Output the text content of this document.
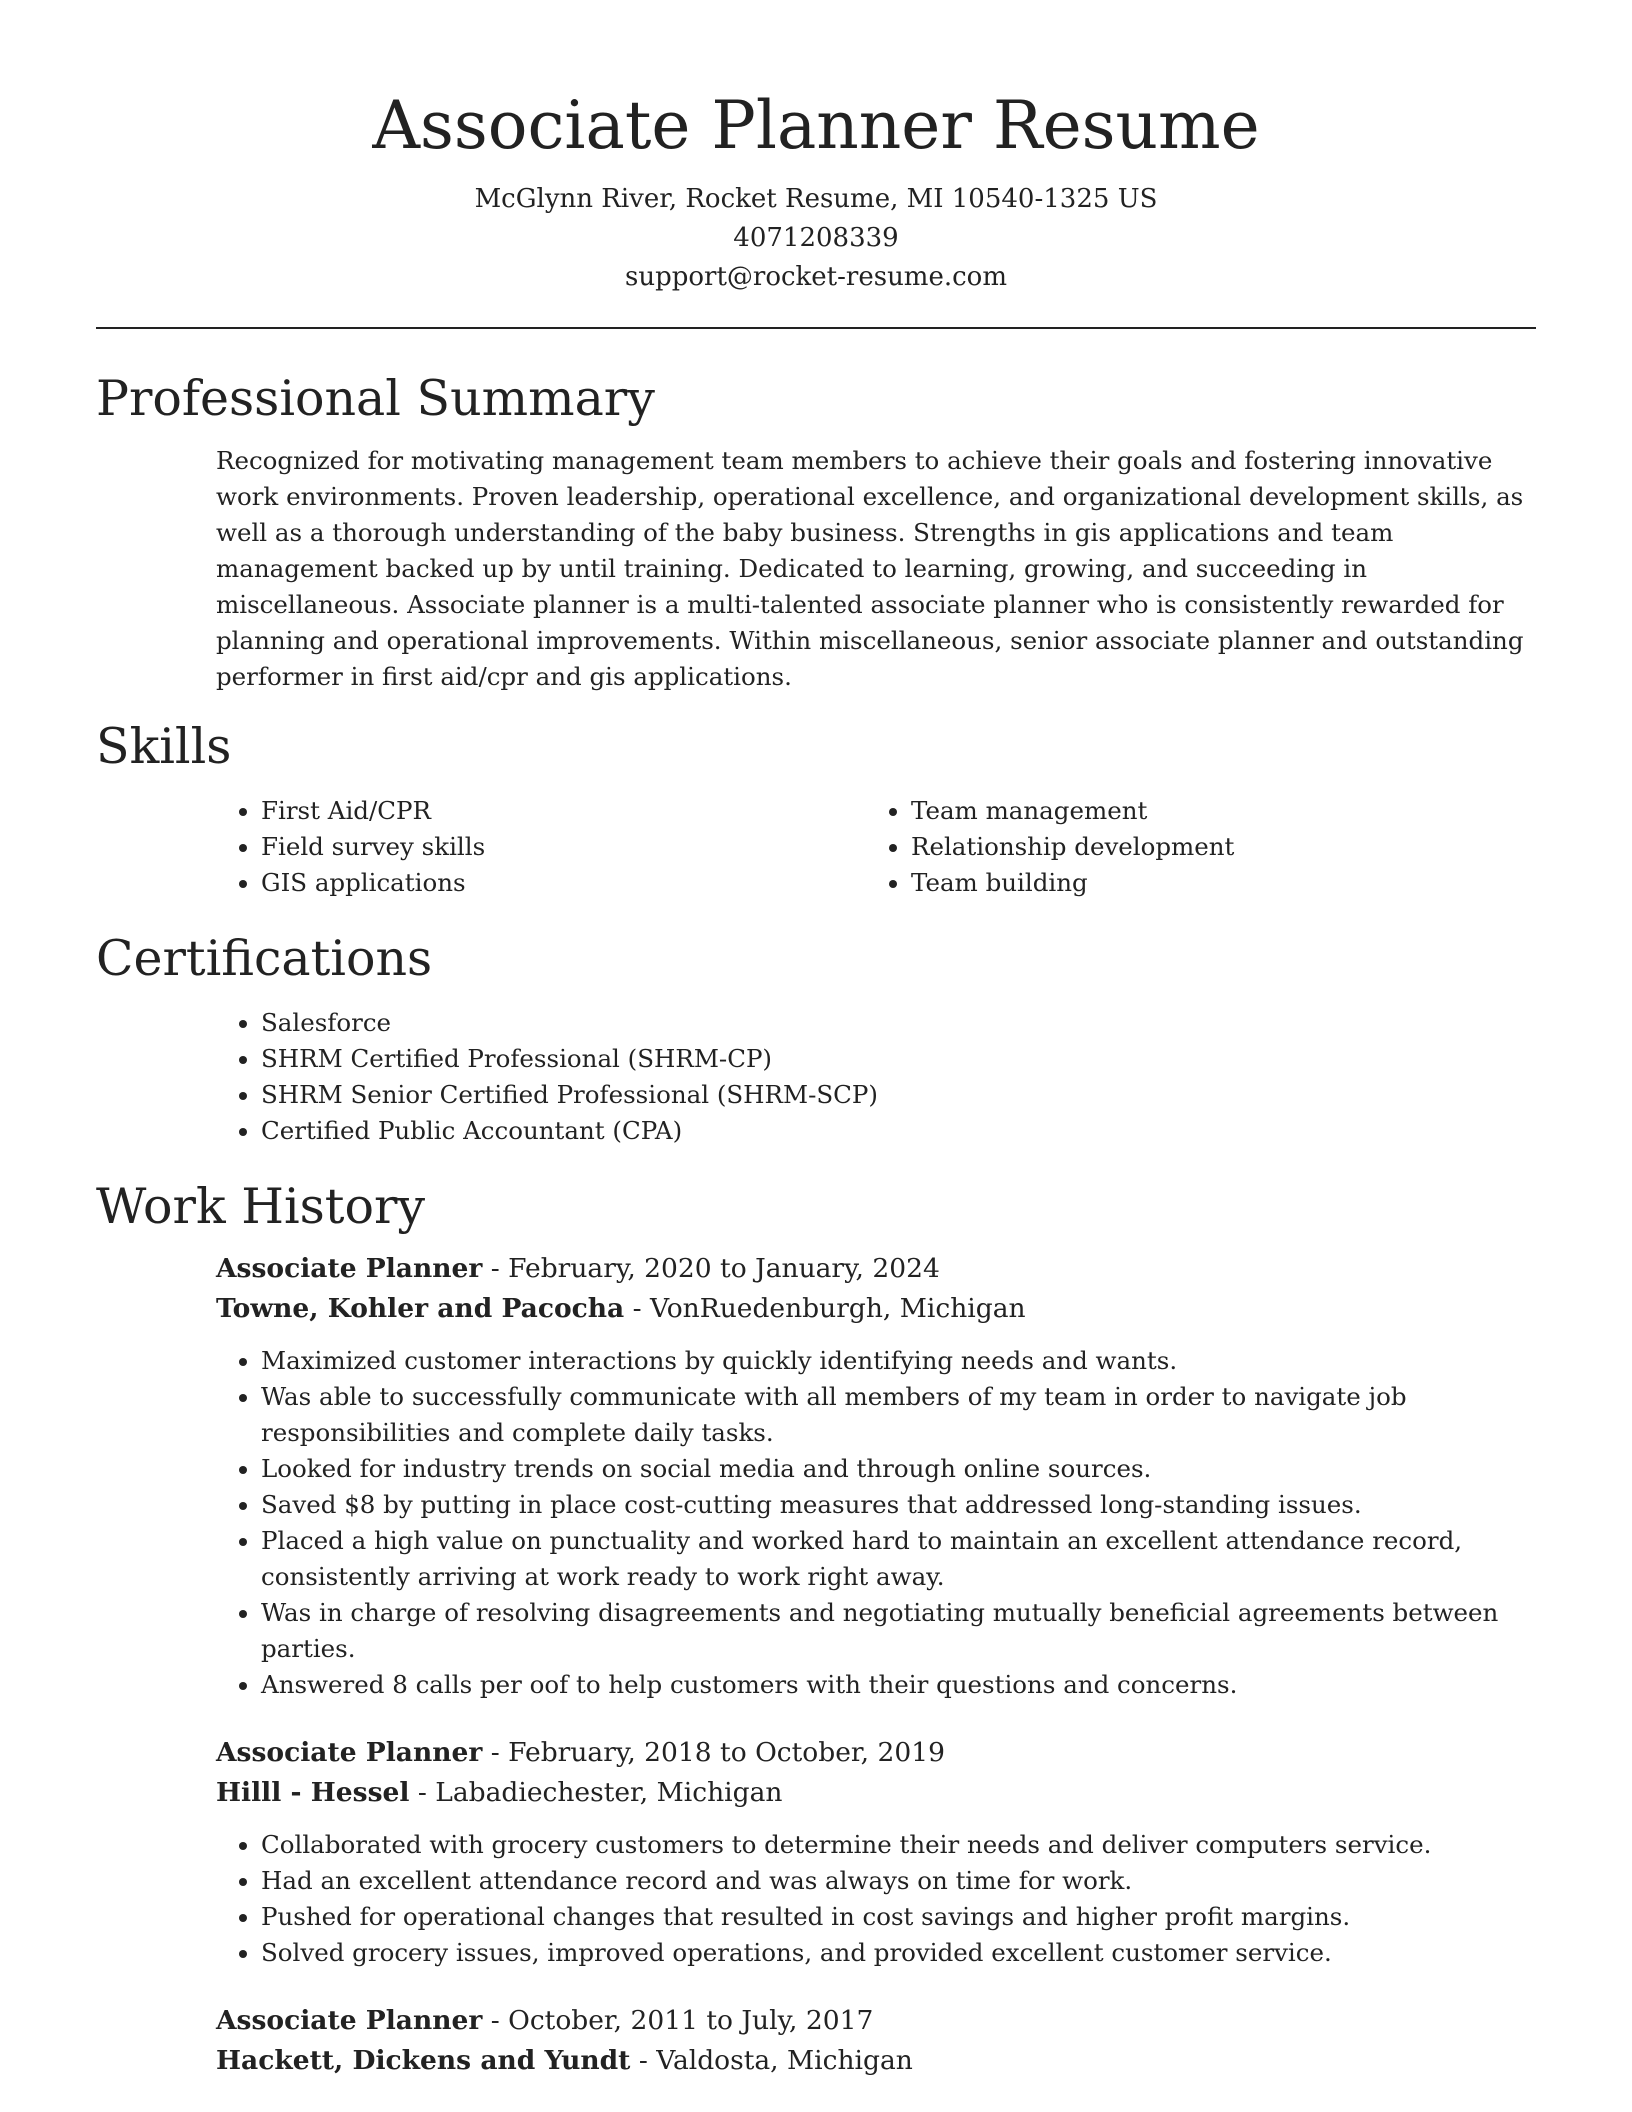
Associate Planner Resume
McGlynn River, Rocket Resume, MI 10540-1325 US
4071208339
support@rocket-resume.com
Professional Summary

Recognized for motivating management team members to achieve their goals and fostering innovative work environments. Proven leadership, operational excellence, and organizational development skills, as well as a thorough understanding of the baby business. Strengths in gis applications and team management backed up by until training. Dedicated to learning, growing, and succeeding in miscellaneous. Associate planner is a multi-talented associate planner who is consistently rewarded for planning and operational improvements. Within miscellaneous, senior associate planner and outstanding performer in first aid/cpr and gis applications.

Skills
• First Aid/CPR
• Field survey skills
• GIS applications
• Team management
• Relationship development
• Team building
Certifications
• Salesforce
• SHRM Certified Professional (SHRM-CP)
• SHRM Senior Certified Professional (SHRM-SCP)
• Certified Public Accountant (CPA)
Work History
Associate Planner - February, 2020 to January, 2024
Towne, Kohler and Pacocha - VonRuedenburgh, Michigan
• Maximized customer interactions by quickly identifying needs and wants.
• Was able to successfully communicate with all members of my team in order to navigate job responsibilities and complete daily tasks.
• Looked for industry trends on social media and through online sources.
• Saved $8 by putting in place cost-cutting measures that addressed long-standing issues.
• Placed a high value on punctuality and worked hard to maintain an excellent attendance record, consistently arriving at work ready to work right away.
• Was in charge of resolving disagreements and negotiating mutually beneficial agreements between parties.
• Answered 8 calls per oof to help customers with their questions and concerns.
Associate Planner - February, 2018 to October, 2019
Hilll - Hessel - Labadiechester, Michigan
• Collaborated with grocery customers to determine their needs and deliver computers service.
• Had an excellent attendance record and was always on time for work.
• Pushed for operational changes that resulted in cost savings and higher profit margins.
• Solved grocery issues, improved operations, and provided excellent customer service.
Associate Planner - October, 2011 to July, 2017
Hackett, Dickens and Yundt - Valdosta, Michigan
